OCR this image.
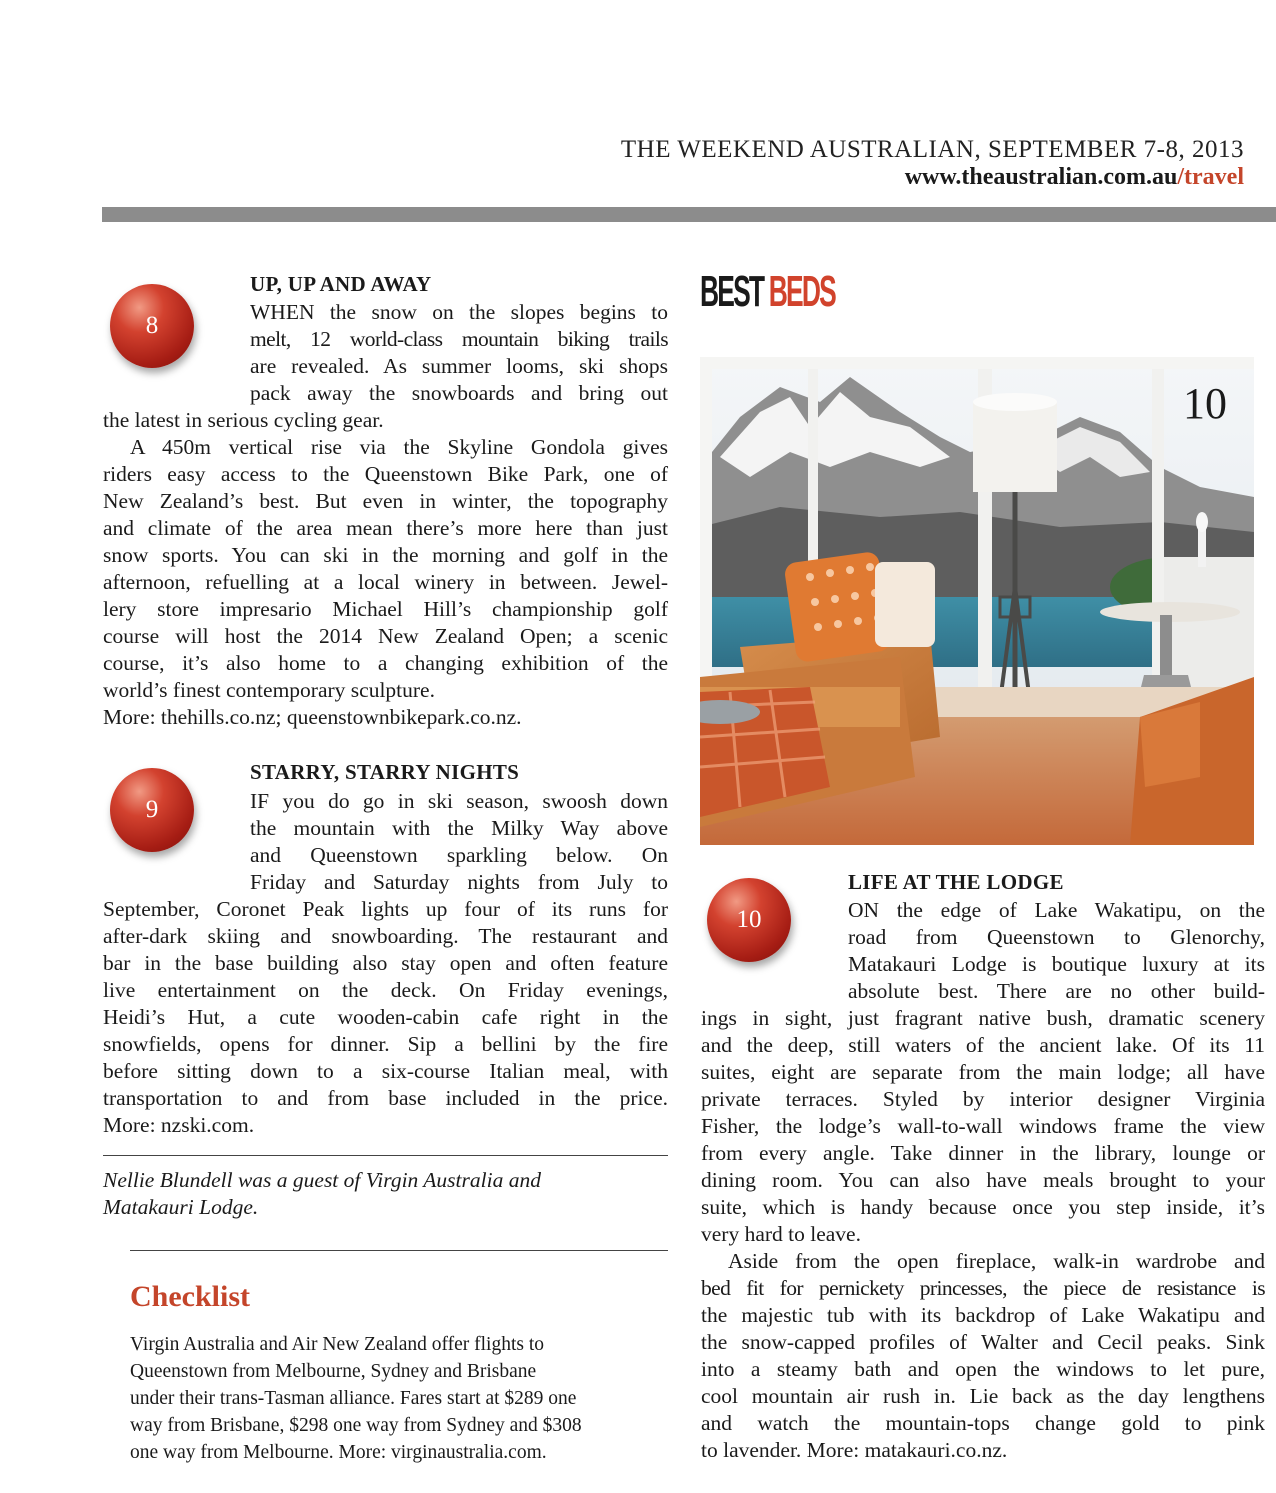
THE WEEKEND AUSTRALIAN, SEPTEMBER 7-8, 2013
www.theaustralian.com.au/travel
8
UP, UP AND AWAY
WHEN the snow on the slopes begins to
melt, 12 world-class mountain biking trails
are revealed. As summer looms, ski shops
pack away the snowboards and bring out
the latest in serious cycling gear.
A 450m vertical rise via the Skyline Gondola gives
riders easy access to the Queenstown Bike Park, one of
New Zealand’s best. But even in winter, the topography
and climate of the area mean there’s more here than just
snow sports. You can ski in the morning and golf in the
afternoon, refuelling at a local winery in between. Jewel-
lery store impresario Michael Hill’s championship golf
course will host the 2014 New Zealand Open; a scenic
course, it’s also home to a changing exhibition of the
world’s finest contemporary sculpture.
More: thehills.co.nz; queenstownbikepark.co.nz.
9
STARRY, STARRY NIGHTS
IF you do go in ski season, swoosh down
the mountain with the Milky Way above
and Queenstown sparkling below. On
Friday and Saturday nights from July to
September, Coronet Peak lights up four of its runs for
after-dark skiing and snowboarding. The restaurant and
bar in the base building also stay open and often feature
live entertainment on the deck. On Friday evenings,
Heidi’s Hut, a cute wooden-cabin cafe right in the
snowfields, opens for dinner. Sip a bellini by the fire
before sitting down to a six-course Italian meal, with
transportation to and from base included in the price.
More: nzski.com.
Nellie Blundell was a guest of Virgin Australia and
Matakauri Lodge.
Checklist
Virgin Australia and Air New Zealand offer flights to
Queenstown from Melbourne, Sydney and Brisbane
under their trans-Tasman alliance. Fares start at $289 one
way from Brisbane, $298 one way from Sydney and $308
one way from Melbourne. More: virginaustralia.com.
BEST BEDS
10
10
LIFE AT THE LODGE
ON the edge of Lake Wakatipu, on the
road from Queenstown to Glenorchy,
Matakauri Lodge is boutique luxury at its
absolute best. There are no other build-
ings in sight, just fragrant native bush, dramatic scenery
and the deep, still waters of the ancient lake. Of its 11
suites, eight are separate from the main lodge; all have
private terraces. Styled by interior designer Virginia
Fisher, the lodge’s wall-to-wall windows frame the view
from every angle. Take dinner in the library, lounge or
dining room. You can also have meals brought to your
suite, which is handy because once you step inside, it’s
very hard to leave.
Aside from the open fireplace, walk-in wardrobe and
bed fit for pernickety princesses, the piece de resistance is
the majestic tub with its backdrop of Lake Wakatipu and
the snow-capped profiles of Walter and Cecil peaks. Sink
into a steamy bath and open the windows to let pure,
cool mountain air rush in. Lie back as the day lengthens
and watch the mountain-tops change gold to pink
to lavender. More: matakauri.co.nz.
